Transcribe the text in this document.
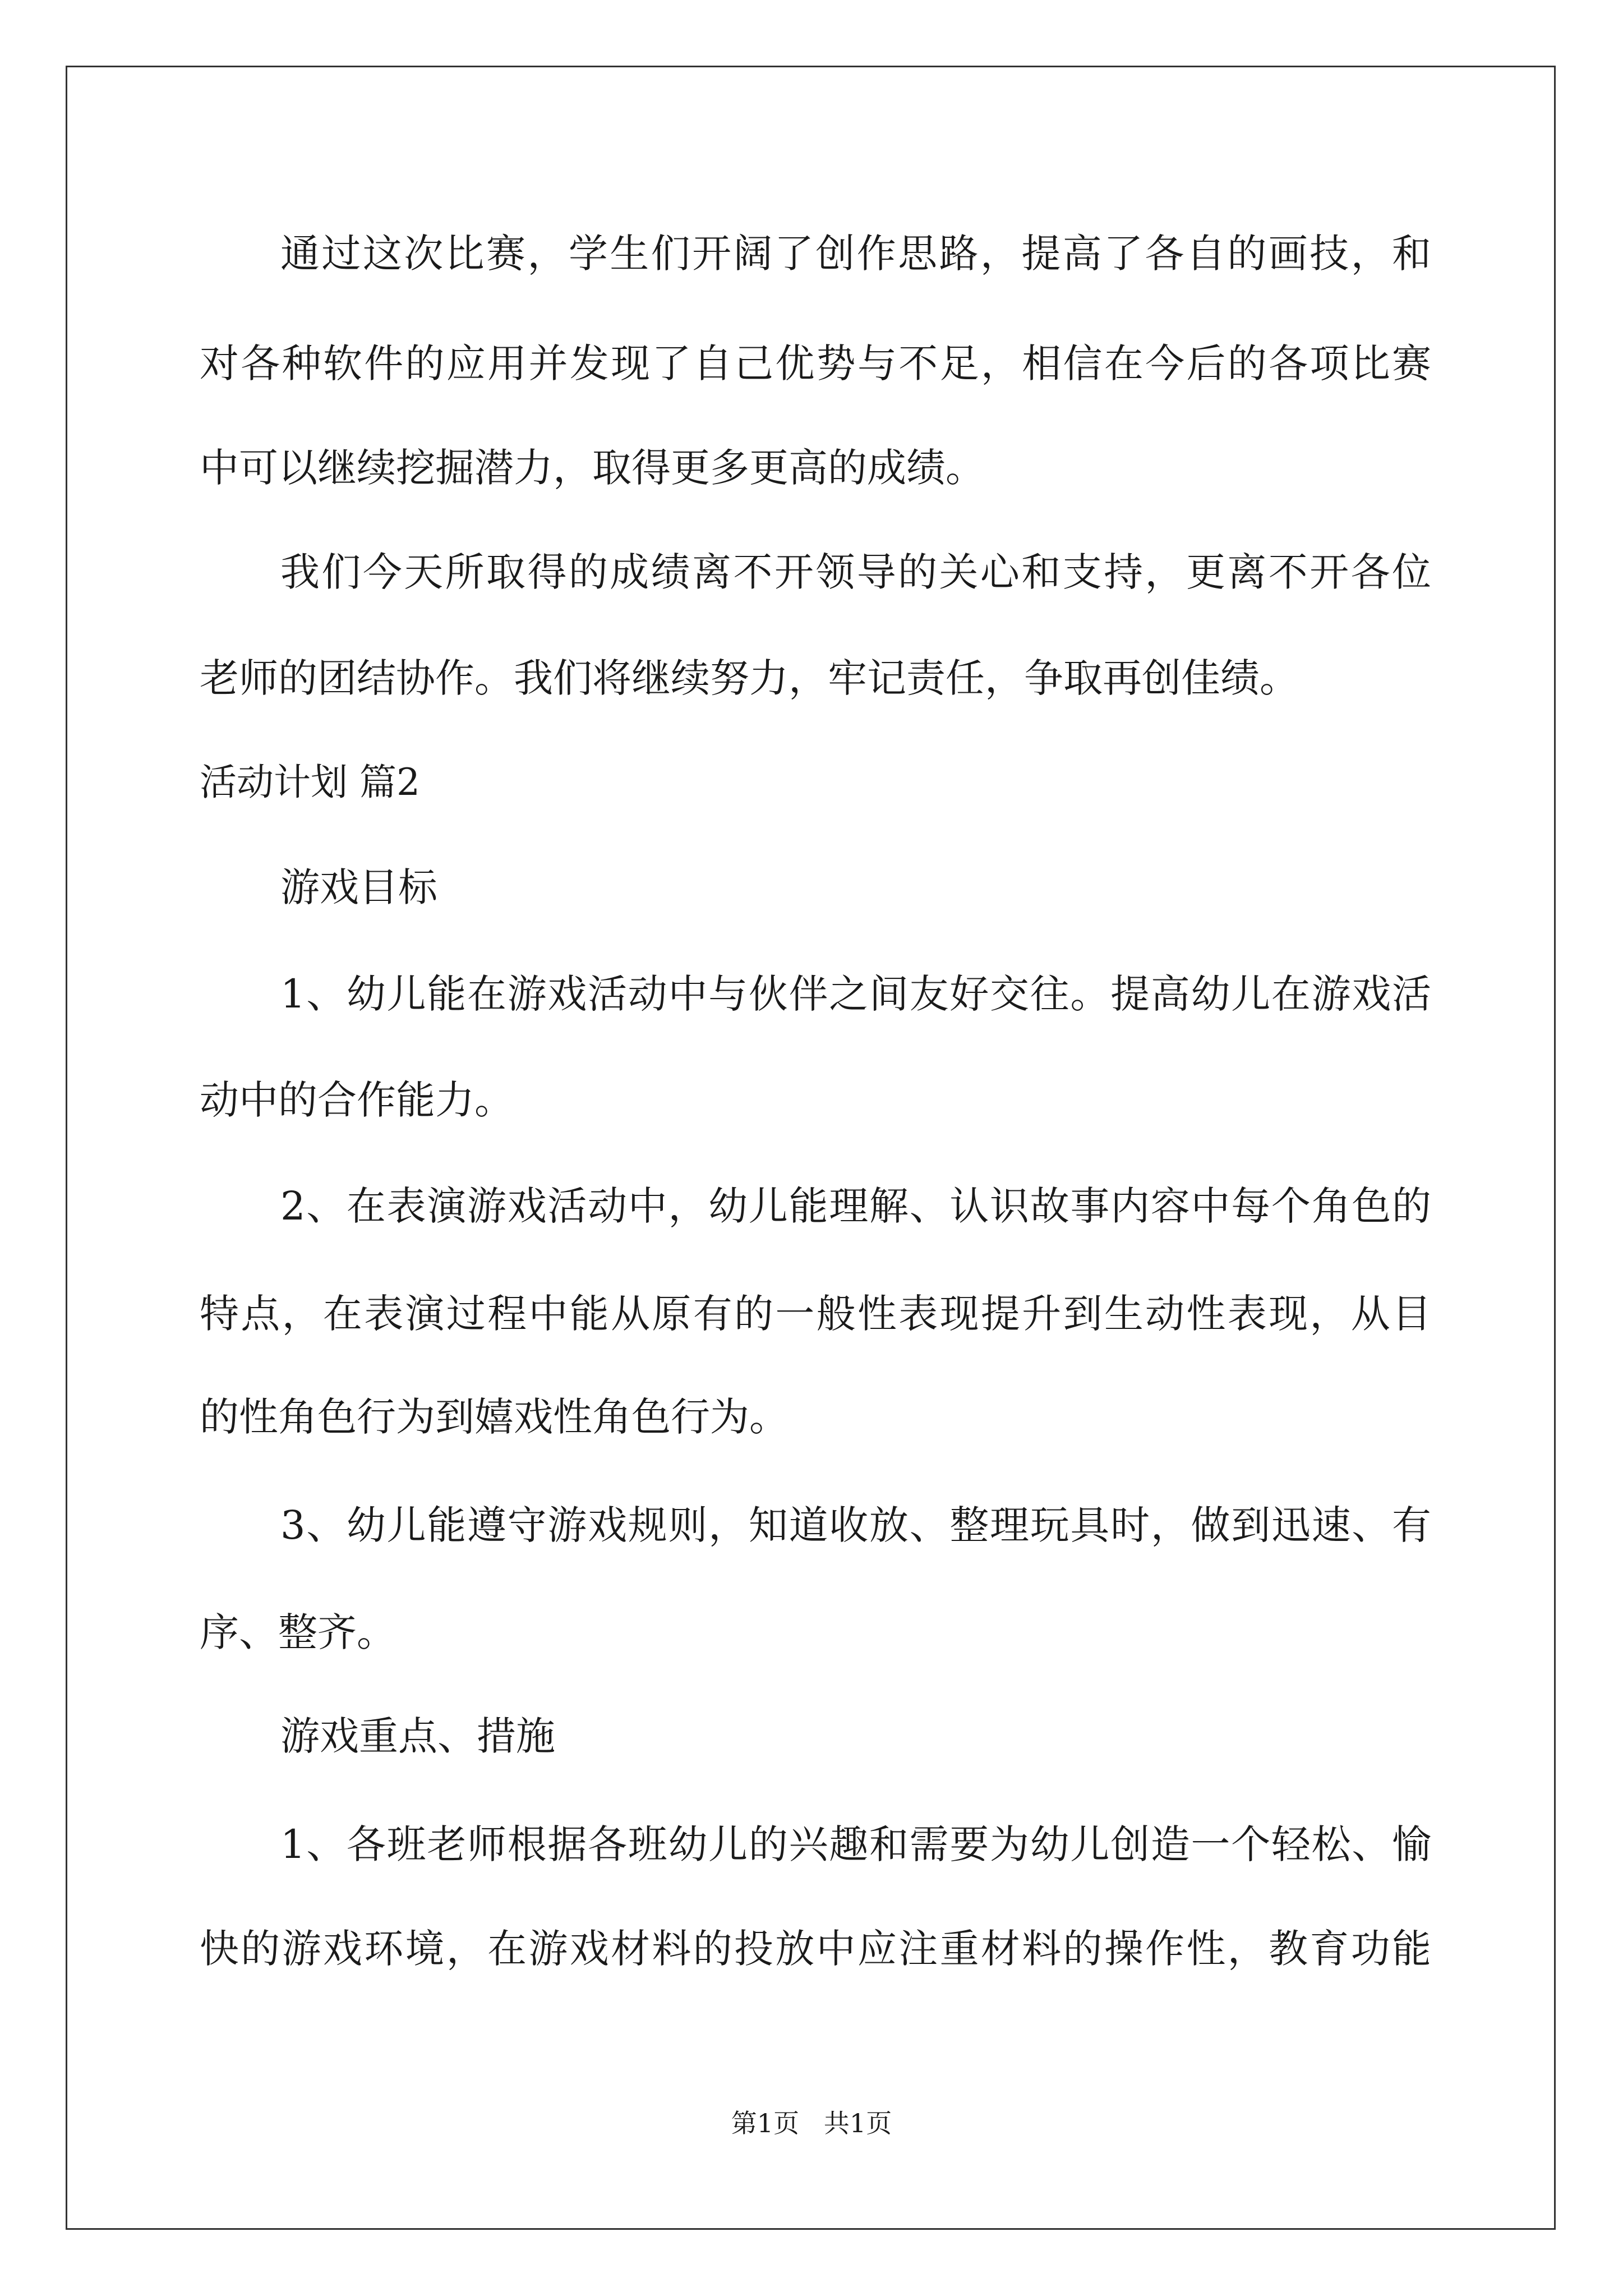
通过这次比赛，学生们开阔了创作思路，提高了各自的画技，和
对各种软件的应用并发现了自己优势与不足，相信在今后的各项比赛
中可以继续挖掘潜力，取得更多更高的成绩。
我们今天所取得的成绩离不开领导的关心和支持，更离不开各位
老师的团结协作。我们将继续努力，牢记责任，争取再创佳绩。
活动计划 篇2
游戏目标
1、幼儿能在游戏活动中与伙伴之间友好交往。提高幼儿在游戏活
动中的合作能力。
2、在表演游戏活动中，幼儿能理解、认识故事内容中每个角色的
特点，在表演过程中能从原有的一般性表现提升到生动性表现，从目
的性角色行为到嬉戏性角色行为。
3、幼儿能遵守游戏规则，知道收放、整理玩具时，做到迅速、有
序、整齐。
游戏重点、措施
1、各班老师根据各班幼儿的兴趣和需要为幼儿创造一个轻松、愉
快的游戏环境，在游戏材料的投放中应注重材料的操作性，教育功能
第1页   共1页
